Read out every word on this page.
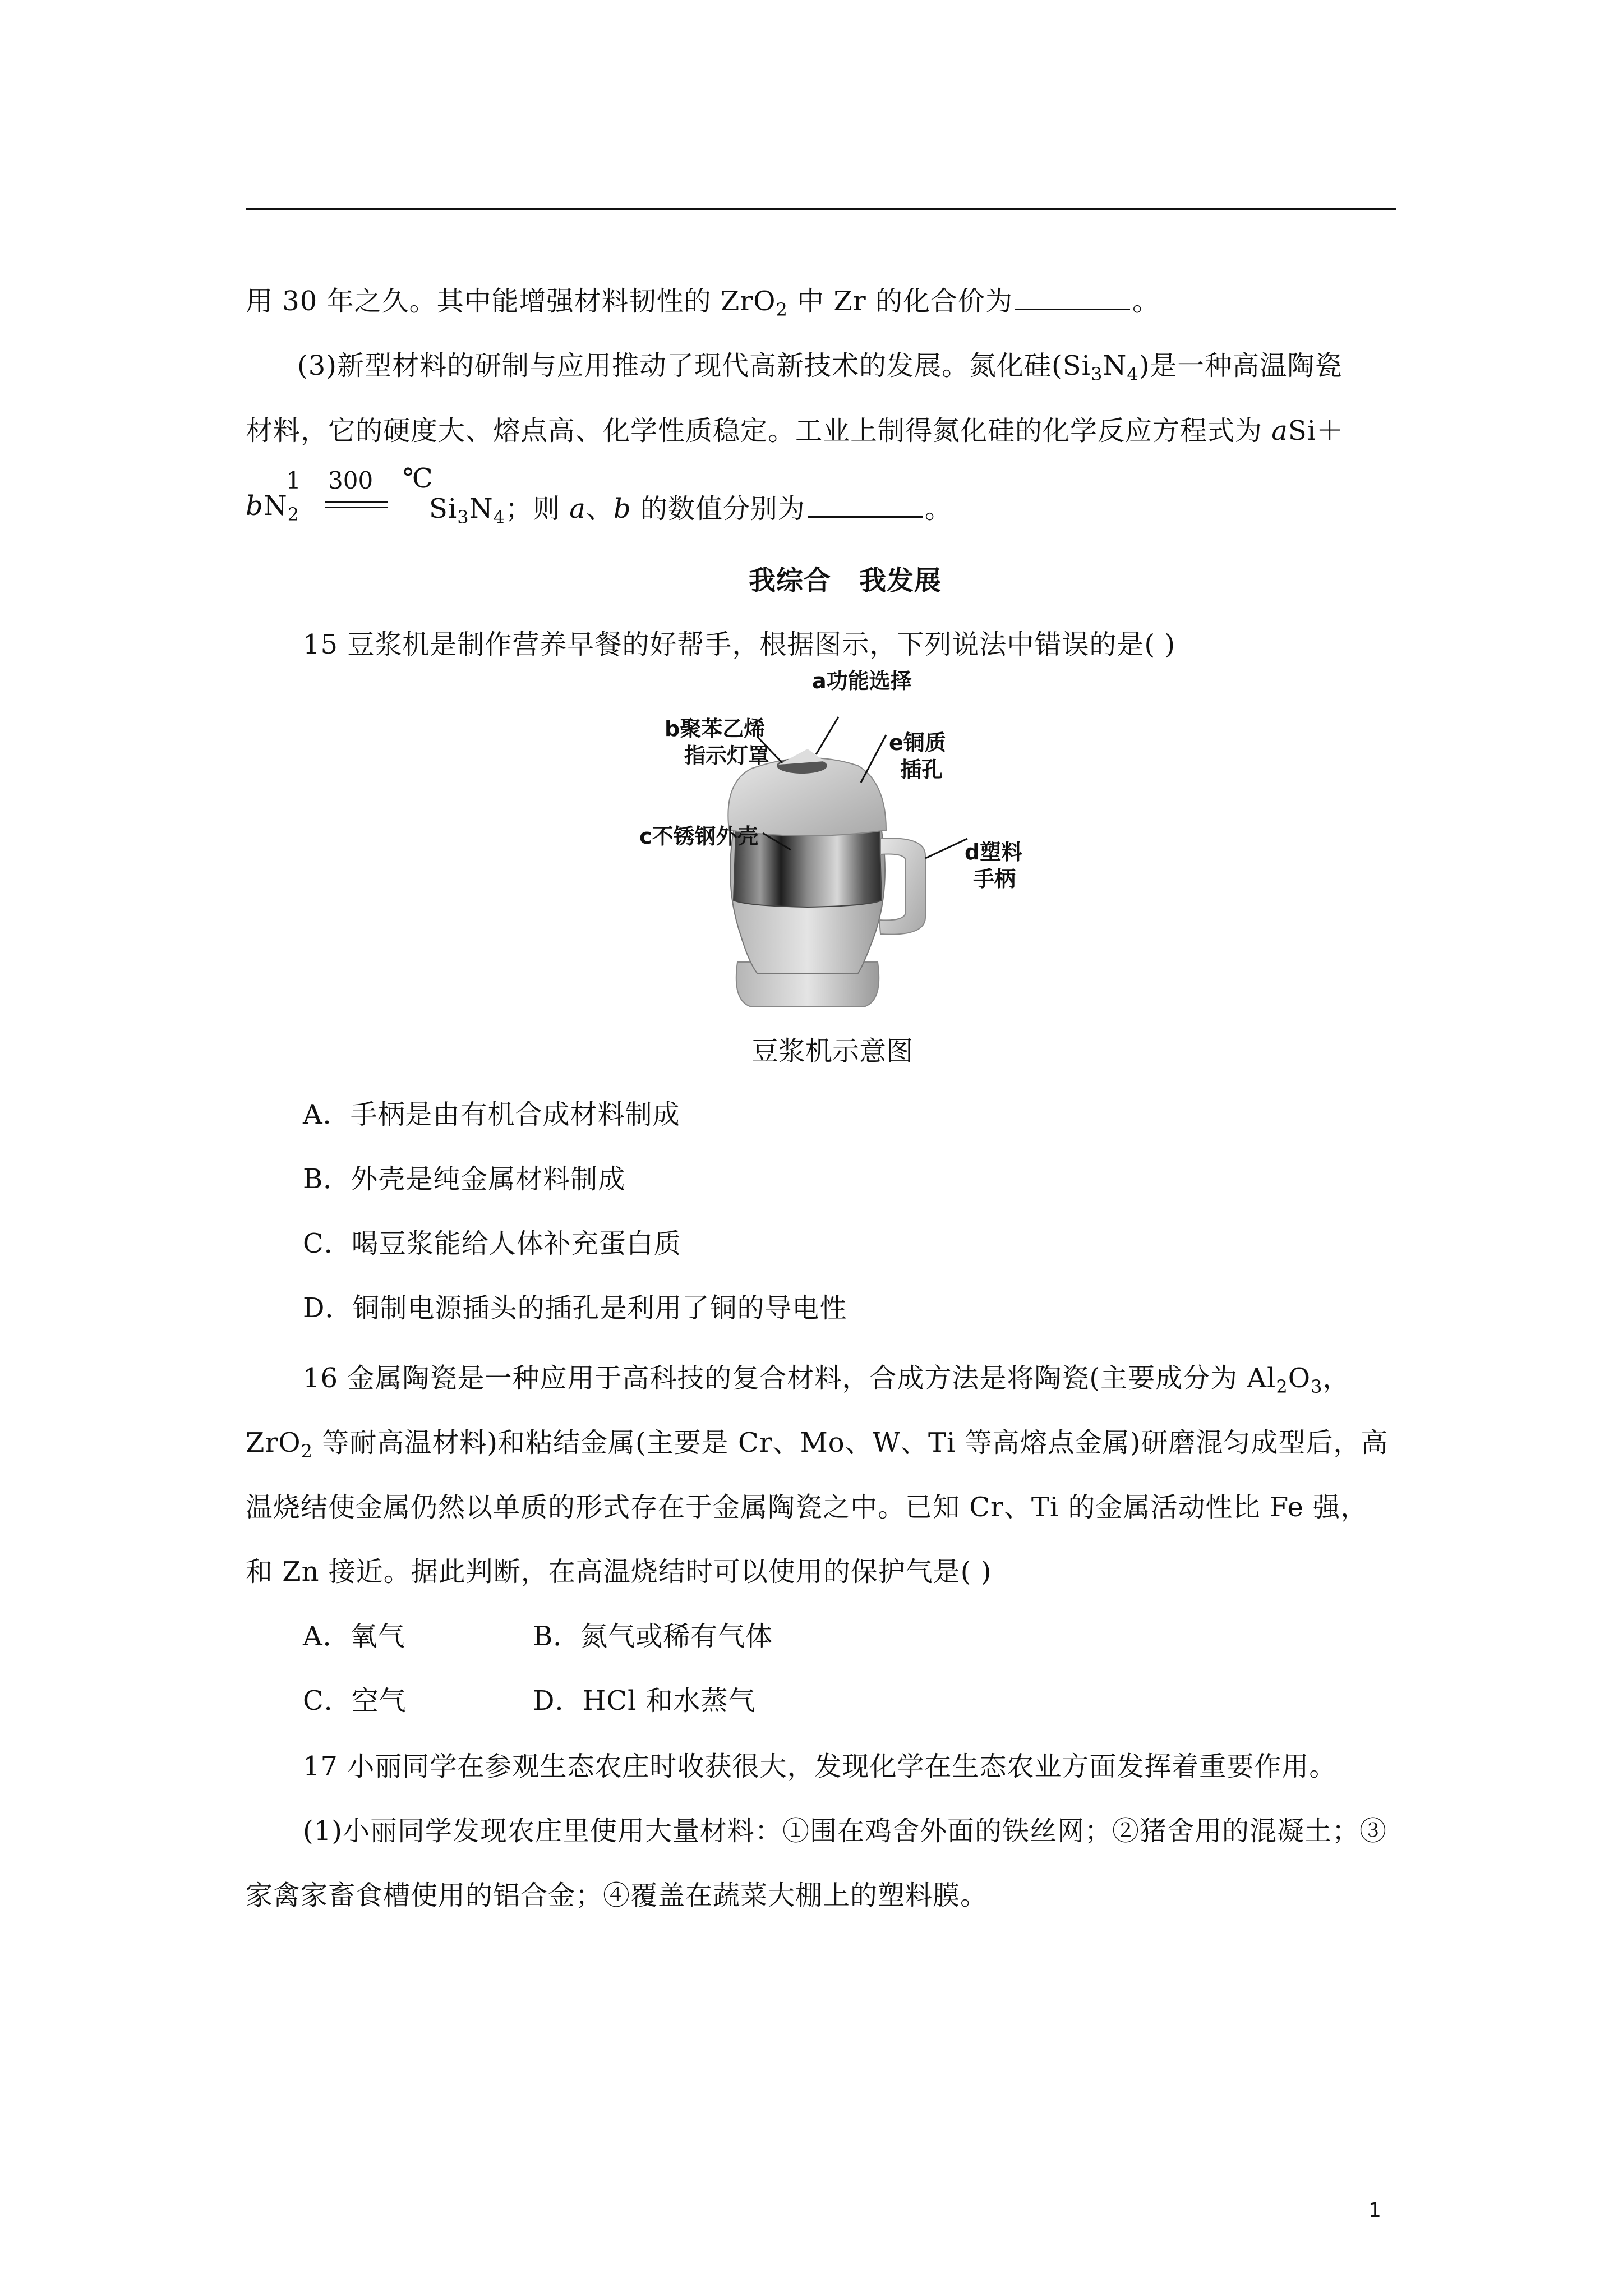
用 30 年之久。其中能增强材料韧性的 ZrO$_2$ 中 Zr 的化合价为	。
(3)新型材料的研制与应用推动了现代高新技术的发展。氮化硅$(Si_3N_4)$是一种高温陶瓷
材料，它的硬度大、熔点高、化学性质稳定。工业上制得氮化硅的化学反应方程式为 aSi＋
$bN_2$
1 300 ℃
$Si_3N_4$；则 a、b 的数值分别为	。
我综合 我发展
15 豆浆机是制作营养早餐的好帮手，根据图示，下列说法中错误的是( )
a功能选择
b聚苯乙烯
指示灯罩
e铜质
插孔
c不锈钢外壳
d塑料
手柄
豆浆机示意图
A．手柄是由有机合成材料制成
B．外壳是纯金属材料制成
C．喝豆浆能给人体补充蛋白质
D．铜制电源插头的插孔是利用了铜的导电性
16 金属陶瓷是一种应用于高科技的复合材料，合成方法是将陶瓷(主要成分为 $Al_2O_3$，
ZrO$_2$ 等耐高温材料)和粘结金属(主要是 Cr、Mo、W、Ti 等高熔点金属)研磨混匀成型后，高
温烧结使金属仍然以单质的形式存在于金属陶瓷之中。已知 Cr、Ti 的金属活动性比 Fe 强，
和 Zn 接近。据此判断，在高温烧结时可以使用的保护气是( )
A．氧气	B．氮气或稀有气体
C．空气	D．HCl 和水蒸气
17 小丽同学在参观生态农庄时收获很大，发现化学在生态农业方面发挥着重要作用。
(1)小丽同学发现农庄里使用大量材料：①围在鸡舍外面的铁丝网；②猪舍用的混凝土；③
家禽家畜食槽使用的铝合金；④覆盖在蔬菜大棚上的塑料膜。
1
